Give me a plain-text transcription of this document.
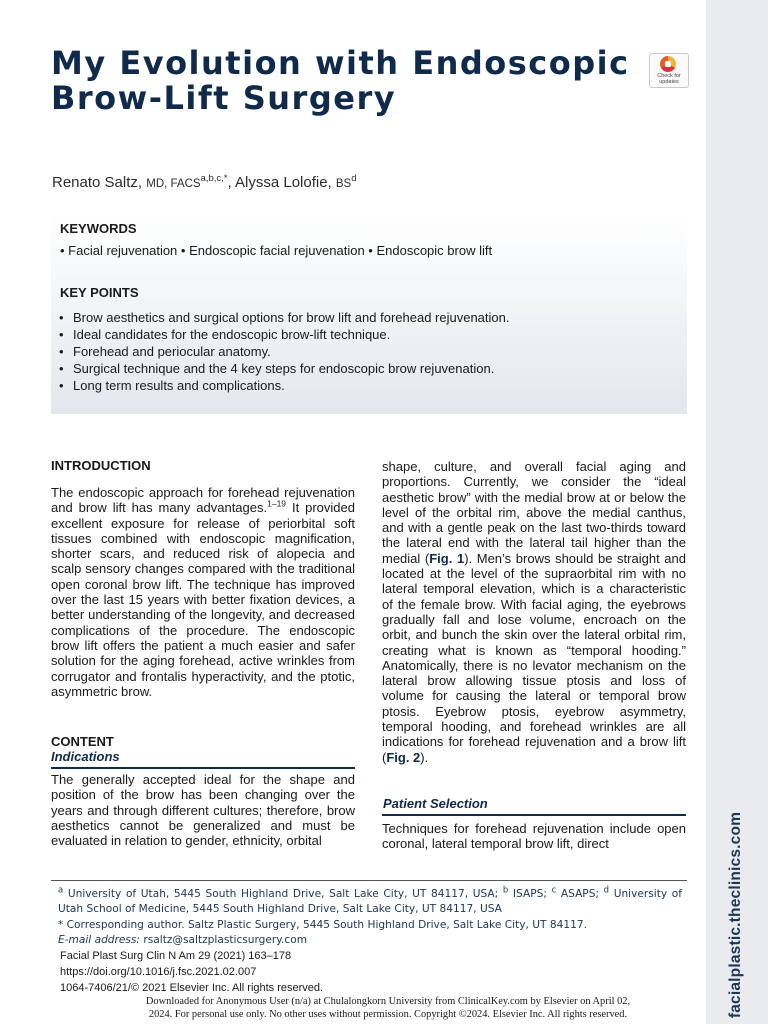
facialplastic.theclinics.com
My Evolution with Endoscopic Brow-Lift Surgery
Check for updates
Renato Saltz, MD, $FACS^{a,b,c,*}$, Alyssa Lolofie, $BS^d$
KEYWORDS
• Facial rejuvenation • Endoscopic facial rejuvenation • Endoscopic brow lift
KEY POINTS
• Brow aesthetics and surgical options for brow lift and forehead rejuvenation.
• Ideal candidates for the endoscopic brow-lift technique.
• Forehead and periocular anatomy.
• Surgical technique and the 4 key steps for endoscopic brow rejuvenation.
• Long term results and complications.
INTRODUCTION

The endoscopic approach for forehead rejuvenation and brow lift has many advantages.$^{1-19}$ It provided excellent exposure for release of periorbital soft tissues combined with endoscopic magnification, shorter scars, and reduced risk of alopecia and scalp sensory changes compared with the traditional open coronal brow lift. The technique has improved over the last 15 years with better fixation devices, a better understanding of the longevity, and decreased complications of the procedure. The endoscopic brow lift offers the patient a much easier and safer solution for the aging forehead, active wrinkles from corrugator and frontalis hyperactivity, and the ptotic, asymmetric brow.

CONTENT
Indications

The generally accepted ideal for the shape and position of the brow has been changing over the years and through different cultures; therefore, brow aesthetics cannot be generalized and must be evaluated in relation to gender, ethnicity, orbital

shape, culture, and overall facial aging and proportions. Currently, we consider the “ideal aesthetic brow” with the medial brow at or below the level of the orbital rim, above the medial canthus, and with a gentle peak on the last two-thirds toward the lateral end with the lateral tail higher than the medial (Fig. 1). Men’s brows should be straight and located at the level of the supraorbital rim with no lateral temporal elevation, which is a characteristic of the female brow. With facial aging, the eyebrows gradually fall and lose volume, encroach on the orbit, and bunch the skin over the lateral orbital rim, creating what is known as “temporal hooding.” Anatomically, there is no levator mechanism on the lateral brow allowing tissue ptosis and loss of volume for causing the lateral or temporal brow ptosis. Eyebrow ptosis, eyebrow asymmetry, temporal hooding, and forehead wrinkles are all indications for forehead rejuvenation and a brow lift (Fig. 2).

Patient Selection

Techniques for forehead rejuvenation include open coronal, lateral temporal brow lift, direct

$^a$ University of Utah, 5445 South Highland Drive, Salt Lake City, UT 84117, USA; $^b$ ISAPS; $^c$ ASAPS; $^d$ University of Utah School of Medicine, 5445 South Highland Drive, Salt Lake City, UT 84117, USA

* Corresponding author. Saltz Plastic Surgery, 5445 South Highland Drive, Salt Lake City, UT 84117.

E-mail address: rsaltz@saltzplasticsurgery.com

Facial Plast Surg Clin N Am 29 (2021) 163–178

https://doi.org/10.1016/j.fsc.2021.02.007

1064-7406/21/© 2021 Elsevier Inc. All rights reserved.

Downloaded for Anonymous User (n/a) at Chulalongkorn University from ClinicalKey.com by Elsevier on April 02, 2024. For personal use only. No other uses without permission. Copyright ©2024. Elsevier Inc. All rights reserved.
